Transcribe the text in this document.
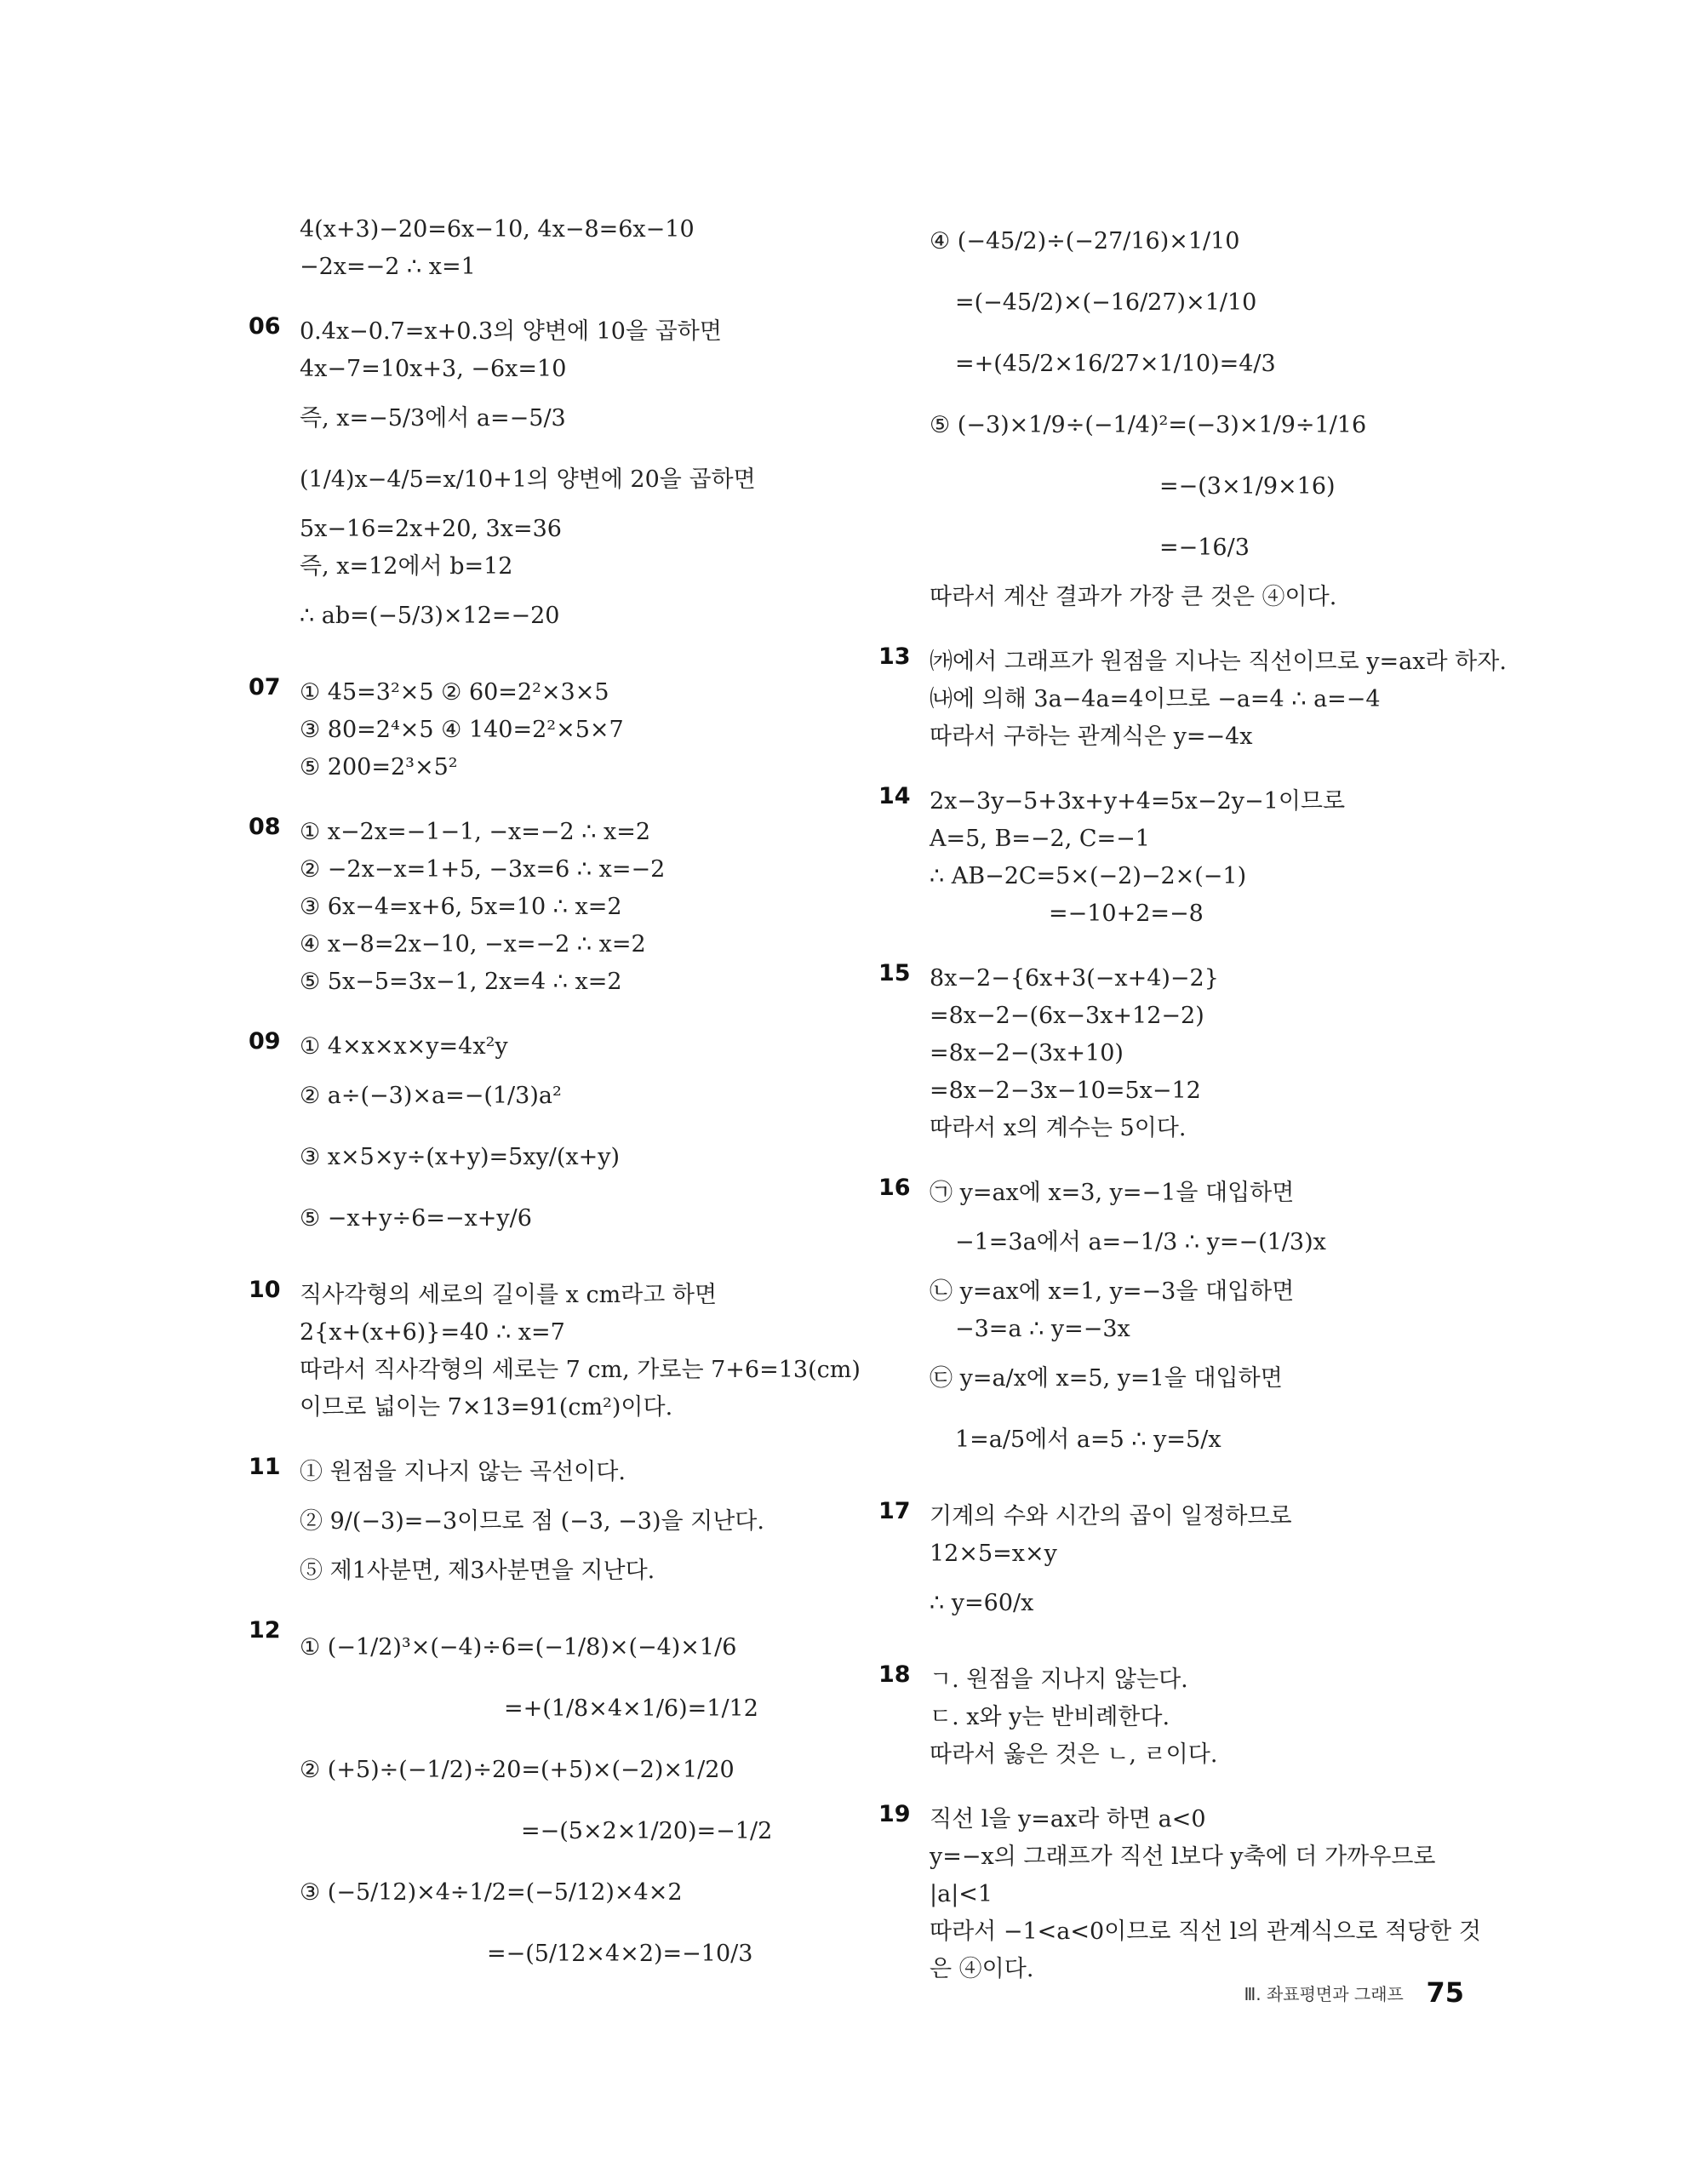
4(x+3)−20=6x−10, 4x−8=6x−10
−2x=−2 ∴ x=1
06 0.4x−0.7=x+0.3의 양변에 10을 곱하면
4x−7=10x+3, −6x=10
즉, x=−5/3에서 a=−5/3
(1/4)x−4/5=x/10+1의 양변에 20을 곱하면
5x−16=2x+20, 3x=36
즉, x=12에서 b=12
∴ ab=(−5/3)×12=−20
07 ① 45=3²×5 ② 60=2²×3×5
③ 80=2⁴×5 ④ 140=2²×5×7
⑤ 200=2³×5²
08 ① x−2x=−1−1, −x=−2 ∴ x=2
② −2x−x=1+5, −3x=6 ∴ x=−2
③ 6x−4=x+6, 5x=10 ∴ x=2
④ x−8=2x−10, −x=−2 ∴ x=2
⑤ 5x−5=3x−1, 2x=4 ∴ x=2
09 ① 4×x×x×y=4x²y
② a÷(−3)×a=−(1/3)a²
③ x×5×y÷(x+y)=5xy/(x+y)
⑤ −x+y÷6=−x+y/6
10 직사각형의 세로의 길이를 x cm라고 하면
2{x+(x+6)}=40 ∴ x=7
따라서 직사각형의 세로는 7 cm, 가로는 7+6=13(cm)
이므로 넓이는 7×13=91(cm²)이다.
11 ① 원점을 지나지 않는 곡선이다.
② 9/(−3)=−3이므로 점 (−3, −3)을 지난다.
⑤ 제1사분면, 제3사분면을 지난다.
12
① (−1/2)³×(−4)÷6=(−1/8)×(−4)×1/6
=+(1/8×4×1/6)=1/12
② (+5)÷(−1/2)÷20=(+5)×(−2)×1/20
=−(5×2×1/20)=−1/2
③ (−5/12)×4÷1/2=(−5/12)×4×2
=−(5/12×4×2)=−10/3
④ (−45/2)÷(−27/16)×1/10
=(−45/2)×(−16/27)×1/10
=+(45/2×16/27×1/10)=4/3
⑤ (−3)×1/9÷(−1/4)²=(−3)×1/9÷1/16
=−(3×1/9×16)
=−16/3
따라서 계산 결과가 가장 큰 것은 ④이다.
13 ㈎에서 그래프가 원점을 지나는 직선이므로 y=ax라 하자.
㈏에 의해 3a−4a=4이므로 −a=4 ∴ a=−4
따라서 구하는 관계식은 y=−4x
14 2x−3y−5+3x+y+4=5x−2y−1이므로
A=5, B=−2, C=−1
∴ AB−2C=5×(−2)−2×(−1)
=−10+2=−8
15 8x−2−{6x+3(−x+4)−2}
=8x−2−(6x−3x+12−2)
=8x−2−(3x+10)
=8x−2−3x−10=5x−12
따라서 x의 계수는 5이다.
16 ㉠ y=ax에 x=3, y=−1을 대입하면
−1=3a에서 a=−1/3 ∴ y=−(1/3)x
㉡ y=ax에 x=1, y=−3을 대입하면
−3=a ∴ y=−3x
㉢ y=a/x에 x=5, y=1을 대입하면
1=a/5에서 a=5 ∴ y=5/x
17 기계의 수와 시간의 곱이 일정하므로
12×5=x×y
∴ y=60/x
18 ㄱ. 원점을 지나지 않는다.
ㄷ. x와 y는 반비례한다.
따라서 옳은 것은 ㄴ, ㄹ이다.
19 직선 l을 y=ax라 하면 a<0
y=−x의 그래프가 직선 l보다 y축에 더 가까우므로
|a|<1
따라서 −1<a<0이므로 직선 l의 관계식으로 적당한 것
은 ④이다.
Ⅲ. 좌표평면과 그래프 75
